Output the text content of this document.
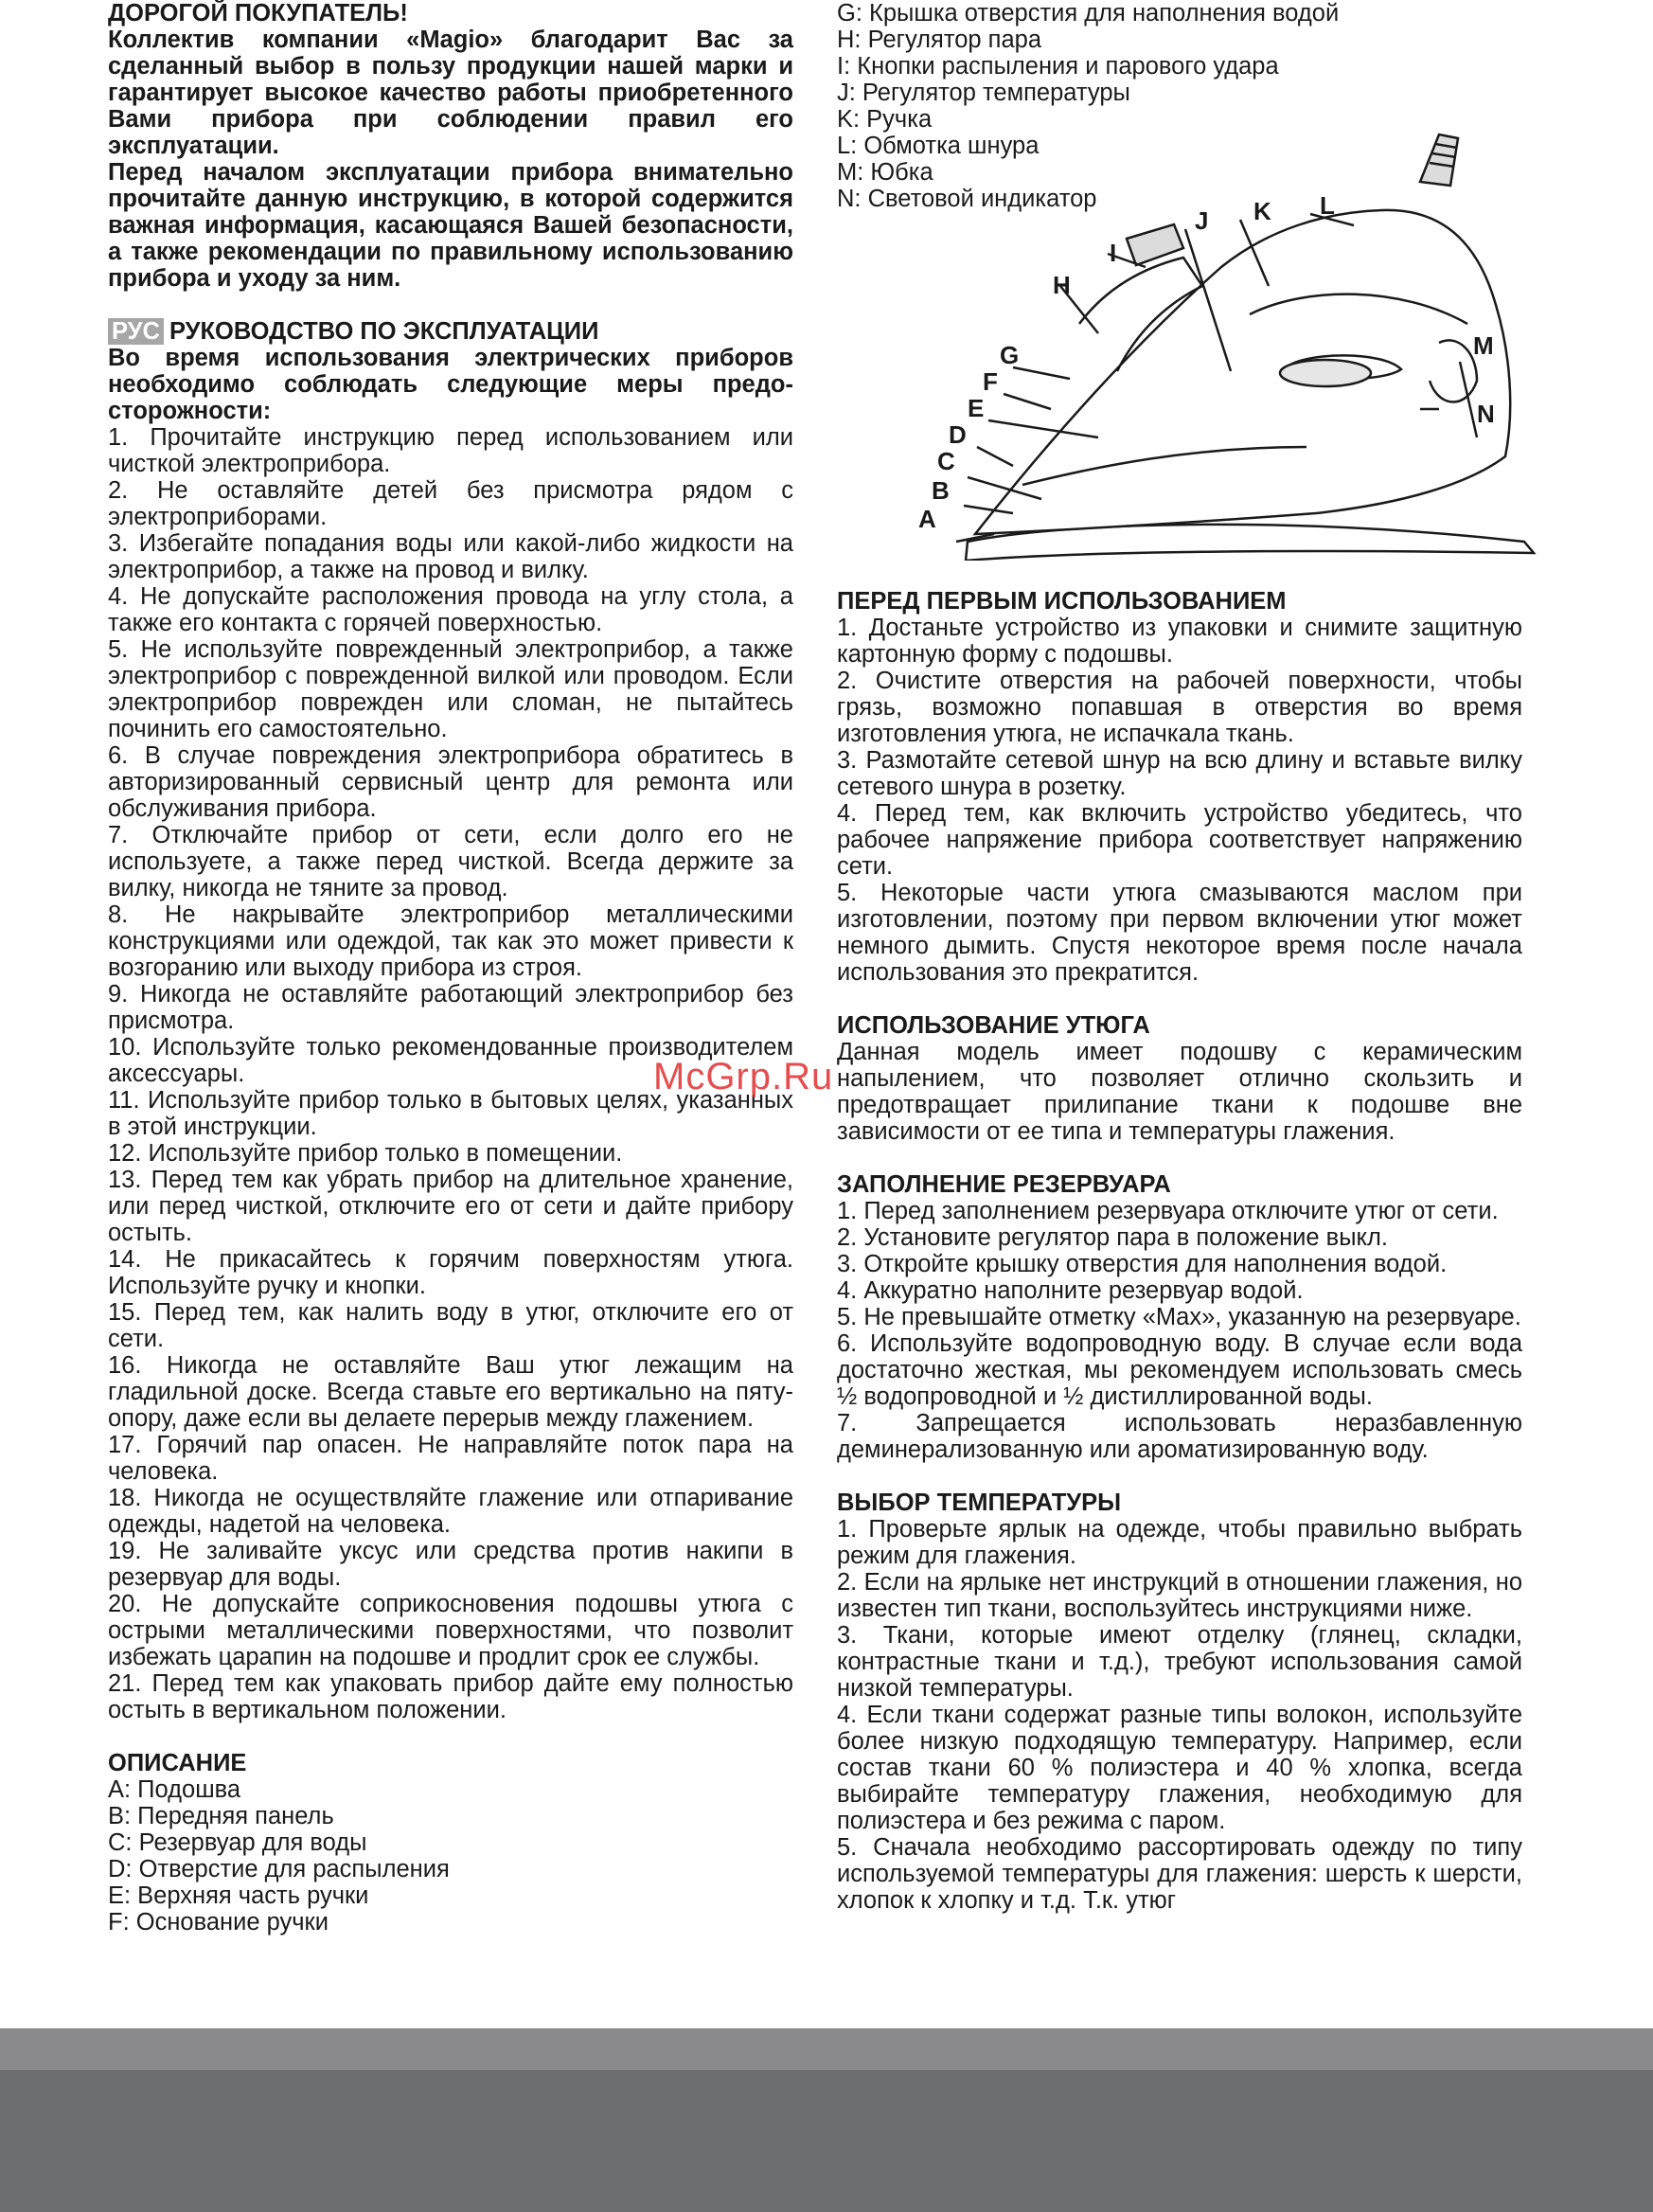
ДОРОГОЙ ПОКУПАТЕЛЬ!

Коллектив компании «Magio» благодарит Вас за сделанный выбор в пользу продукции нашей марки и гарантирует высокое качество работы приобретенного Вами прибора при соблюдении правил его эксплуатации.

Перед началом эксплуатации прибора внимательно прочитайте данную инструкцию, в которой содержится важная информация, касающаяся Вашей безопасности, а также рекомендации по правильному использованию прибора и уходу за ним.

РУС РУКОВОДСТВО ПО ЭКСПЛУАТАЦИИ

Во время использования электрических приборов необходимо соблюдать следующие меры предосторожности:

1. Прочитайте инструкцию перед использованием или чисткой электроприбора.

2. Не оставляйте детей без присмотра рядом с электроприборами.

3. Избегайте попадания воды или какой-либо жидкости на электроприбор, а также на провод и вилку.

4. Не допускайте расположения провода на углу стола, а также его контакта с горячей поверхностью.

5. Не используйте поврежденный электроприбор, а также электроприбор с поврежденной вилкой или проводом. Если электроприбор поврежден или сломан, не пытайтесь починить его самостоятельно.

6. В случае повреждения электроприбора обратитесь в авторизированный сервисный центр для ремонта или обслуживания прибора.

7. Отключайте прибор от сети, если долго его не используете, а также перед чисткой. Всегда держите за вилку, никогда не тяните за провод.

8. Не накрывайте электроприбор металлическими конструкциями или одеждой, так как это может привести к возгоранию или выходу прибора из строя.

9. Никогда не оставляйте работающий электроприбор без присмотра.

10. Используйте только рекомендованные производителем аксессуары.

11. Используйте прибор только в бытовых целях, указанных в этой инструкции.

12. Используйте прибор только в помещении.

13. Перед тем как убрать прибор на длительное хранение, или перед чисткой, отключите его от сети и дайте прибору остыть.

14. Не прикасайтесь к горячим поверхностям утюга. Используйте ручку и кнопки.

15. Перед тем, как налить воду в утюг, отключите его от сети.

16. Никогда не оставляйте Ваш утюг лежащим на гладильной доске. Всегда ставьте его вертикально на пяту-опору, даже если вы делаете перерыв между глажением.

17. Горячий пар опасен. Не направляйте поток пара на человека.

18. Никогда не осуществляйте глажение или отпаривание одежды, надетой на человека.

19. Не заливайте уксус или средства против накипи в резервуар для воды.

20. Не допускайте соприкосновения подошвы утюга с острыми металлическими поверхностями, что позволит избежать царапин на подошве и продлит срок ее службы.

21. Перед тем как упаковать прибор дайте ему полностью остыть в вертикальном положении.

ОПИСАНИЕ

A: Подошва

B: Передняя панель

C: Резервуар для воды

D: Отверстие для распыления

E: Верхняя часть ручки

F: Основание ручки

G: Крышка отверстия для наполнения водой

H: Регулятор пара

I: Кнопки распыления и парового удара

J: Регулятор температуры

K: Ручка

L: Обмотка шнура

M: Юбка

N: Световой индикатор

ПЕРЕД ПЕРВЫМ ИСПОЛЬЗОВАНИЕМ

1. Достаньте устройство из упаковки и снимите защитную картонную форму с подошвы.

2. Очистите отверстия на рабочей поверхности, чтобы грязь, возможно попавшая в отверстия во время изготовления утюга, не испачкала ткань.

3. Размотайте сетевой шнур на всю длину и вставьте вилку сетевого шнура в розетку.

4. Перед тем, как включить устройство убедитесь, что рабочее напряжение прибора соответствует напряжению сети.

5. Некоторые части утюга смазываются маслом при изготовлении, поэтому при первом включении утюг может немного дымить. Спустя некоторое время после начала использования это прекратится.

ИСПОЛЬЗОВАНИЕ УТЮГА

Данная модель имеет подошву с керамическим напылением, что позволяет отлично скользить и предотвращает прилипание ткани к подошве вне зависимости от ее типа и температуры глажения.

ЗАПОЛНЕНИЕ РЕЗЕРВУАРА

1. Перед заполнением резервуара отключите утюг от сети.

2. Установите регулятор пара в положение выкл.

3. Откройте крышку отверстия для наполнения водой.

4. Аккуратно наполните резервуар водой.

5. Не превышайте отметку «Max», указанную на резервуаре.

6. Используйте водопроводную воду. В случае если вода достаточно жесткая, мы рекомендуем использовать смесь ½ водопроводной и ½ дистиллированной воды.

7. Запрещается использовать неразбавленную деминерализованную или ароматизированную воду.

ВЫБОР ТЕМПЕРАТУРЫ

1. Проверьте ярлык на одежде, чтобы правильно выбрать режим для глажения.

2. Если на ярлыке нет инструкций в отношении глажения, но известен тип ткани, воспользуйтесь инструкциями ниже.

3. Ткани, которые имеют отделку (глянец, складки, контрастные ткани и т.д.), требуют использования самой низкой температуры.

4. Если ткани содержат разные типы волокон, используйте более низкую подходящую температуру. Например, если состав ткани 60 % полиэстера и 40 % хлопка, всегда выбирайте температуру глажения, необходимую для полиэстера и без режима с паром.

5. Сначала необходимо рассортировать одежду по типу используемой температуры для глажения: шерсть к шерсти, хлопок к хлопку и т.д. Т.к. утюг

A
B
C
D
E
F
G
H
I
J K L
M
N
McGrp.Ru
